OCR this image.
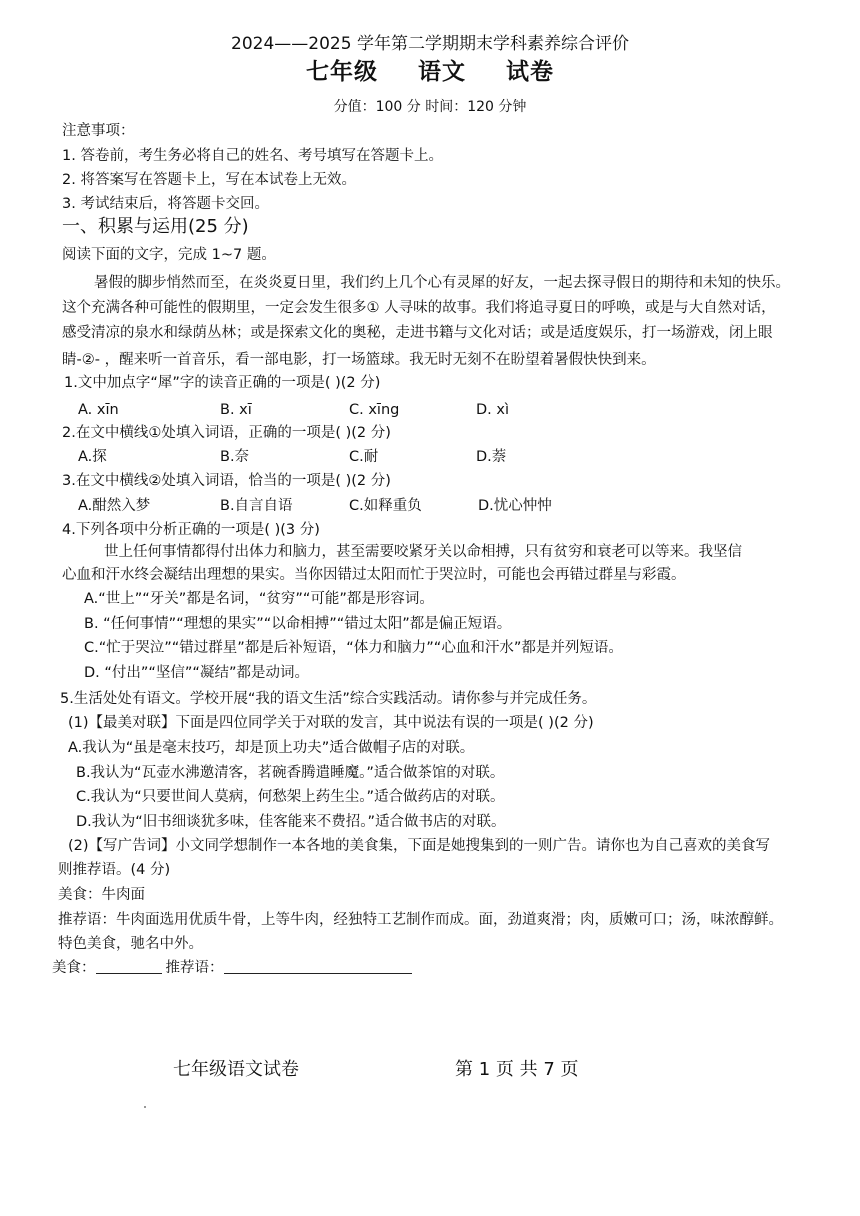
2024——2025 学年第二学期期末学科素养综合评价
七年级 语文 试卷
分值：100 分 时间：120 分钟
注意事项：
1. 答卷前，考生务必将自己的姓名、考号填写在答题卡上。
2. 将答案写在答题卡上，写在本试卷上无效。
3. 考试结束后，将答题卡交回。
一、积累与运用(25 分)
阅读下面的文字，完成 1~7 题。
暑假的脚步悄然而至，在炎炎夏日里，我们约上几个心有灵犀的好友，一起去探寻假日的期待和未知的快乐。
这个充满各种可能性的假期里，一定会发生很多① 人寻味的故事。我们将追寻夏日的呼唤，或是与大自然对话，
感受清凉的泉水和绿荫丛林；或是探索文化的奥秘，走进书籍与文化对话；或是适度娱乐，打一场游戏，闭上眼
睛-②- ，醒来听一首音乐，看一部电影，打一场篮球。我无时无刻不在盼望着暑假快快到来。
1.文中加点字“犀”字的读音正确的一项是( )(2 分)
A. xīn	B. xī	C. xīng	D. xì
2.在文中横线①处填入词语，正确的一项是( )(2 分)
A.探	B.奈	C.耐	D.萘
3.在文中横线②处填入词语，恰当的一项是( )(2 分)
A.酣然入梦	B.自言自语	C.如释重负	D.忧心忡忡
4.下列各项中分析正确的一项是( )(3 分)
世上任何事情都得付出体力和脑力，甚至需要咬紧牙关以命相搏，只有贫穷和衰老可以等来。我坚信
心血和汗水终会凝结出理想的果实。当你因错过太阳而忙于哭泣时，可能也会再错过群星与彩霞。
A.“世上”“牙关”都是名词，“贫穷”“可能”都是形容词。
B. “任何事情”“理想的果实”“以命相搏”“错过太阳”都是偏正短语。
C.“忙于哭泣”“错过群星”都是后补短语，“体力和脑力”“心血和汗水”都是并列短语。
D. “付出”“坚信”“凝结”都是动词。
5.生活处处有语文。学校开展“我的语文生活”综合实践活动。请你参与并完成任务。
(1)【最美对联】下面是四位同学关于对联的发言，其中说法有误的一项是( )(2 分)
A.我认为“虽是毫末技巧，却是顶上功夫”适合做帽子店的对联。
B.我认为“瓦壶水沸邀清客，茗碗香腾遣睡魔。”适合做茶馆的对联。
C.我认为“只要世间人莫病，何愁架上药生尘。”适合做药店的对联。
D.我认为“旧书细谈犹多味，佳客能来不费招。”适合做书店的对联。
(2)【写广告词】小文同学想制作一本各地的美食集，下面是她搜集到的一则广告。请你也为自己喜欢的美食写
则推荐语。(4 分)
美食：牛肉面
推荐语：牛肉面选用优质牛骨，上等牛肉，经独特工艺制作而成。面，劲道爽滑；肉，质嫩可口；汤，味浓醇鲜。
特色美食，驰名中外。
美食：	推荐语：
七年级语文试卷	第 1 页 共 7 页
